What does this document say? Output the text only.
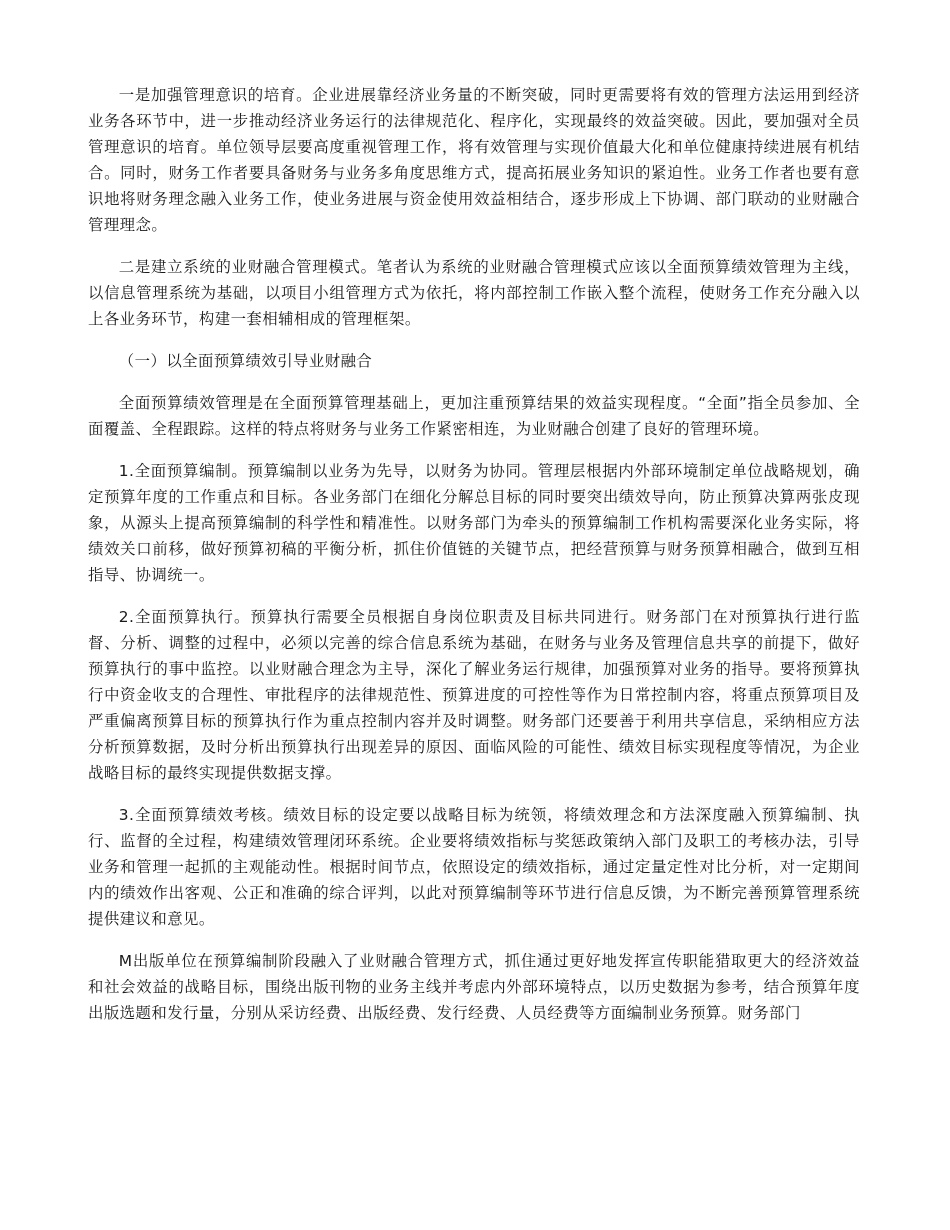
一是加强管理意识的培育。企业进展靠经济业务量的不断突破，同时更需要将有效的管理方法运用到经济业务各环节中，进一步推动经济业务运行的法律规范化、程序化，实现最终的效益突破。因此，要加强对全员管理意识的培育。单位领导层要高度重视管理工作，将有效管理与实现价值最大化和单位健康持续进展有机结合。同时，财务工作者要具备财务与业务多角度思维方式，提高拓展业务知识的紧迫性。业务工作者也要有意识地将财务理念融入业务工作，使业务进展与资金使用效益相结合，逐步形成上下协调、部门联动的业财融合管理理念。

二是建立系统的业财融合管理模式。笔者认为系统的业财融合管理模式应该以全面预算绩效管理为主线，以信息管理系统为基础，以项目小组管理方式为依托，将内部控制工作嵌入整个流程，使财务工作充分融入以上各业务环节，构建一套相辅相成的管理框架。

（一）以全面预算绩效引导业财融合

全面预算绩效管理是在全面预算管理基础上，更加注重预算结果的效益实现程度。“全面”指全员参加、全面覆盖、全程跟踪。这样的特点将财务与业务工作紧密相连，为业财融合创建了良好的管理环境。

1.全面预算编制。预算编制以业务为先导，以财务为协同。管理层根据内外部环境制定单位战略规划，确定预算年度的工作重点和目标。各业务部门在细化分解总目标的同时要突出绩效导向，防止预算决算两张皮现象，从源头上提高预算编制的科学性和精准性。以财务部门为牵头的预算编制工作机构需要深化业务实际，将绩效关口前移，做好预算初稿的平衡分析，抓住价值链的关键节点，把经营预算与财务预算相融合，做到互相指导、协调统一。

2.全面预算执行。预算执行需要全员根据自身岗位职责及目标共同进行。财务部门在对预算执行进行监督、分析、调整的过程中，必须以完善的综合信息系统为基础，在财务与业务及管理信息共享的前提下，做好预算执行的事中监控。以业财融合理念为主导，深化了解业务运行规律，加强预算对业务的指导。要将预算执行中资金收支的合理性、审批程序的法律规范性、预算进度的可控性等作为日常控制内容，将重点预算项目及严重偏离预算目标的预算执行作为重点控制内容并及时调整。财务部门还要善于利用共享信息，采纳相应方法分析预算数据，及时分析出预算执行出现差异的原因、面临风险的可能性、绩效目标实现程度等情况，为企业战略目标的最终实现提供数据支撑。

3.全面预算绩效考核。绩效目标的设定要以战略目标为统领，将绩效理念和方法深度融入预算编制、执行、监督的全过程，构建绩效管理闭环系统。企业要将绩效指标与奖惩政策纳入部门及职工的考核办法，引导业务和管理一起抓的主观能动性。根据时间节点，依照设定的绩效指标，通过定量定性对比分析，对一定期间内的绩效作出客观、公正和准确的综合评判，以此对预算编制等环节进行信息反馈，为不断完善预算管理系统提供建议和意见。

M出版单位在预算编制阶段融入了业财融合管理方式，抓住通过更好地发挥宣传职能猎取更大的经济效益和社会效益的战略目标，围绕出版刊物的业务主线并考虑内外部环境特点，以历史数据为参考，结合预算年度出版选题和发行量，分别从采访经费、出版经费、发行经费、人员经费等方面编制业务预算。财务部门
